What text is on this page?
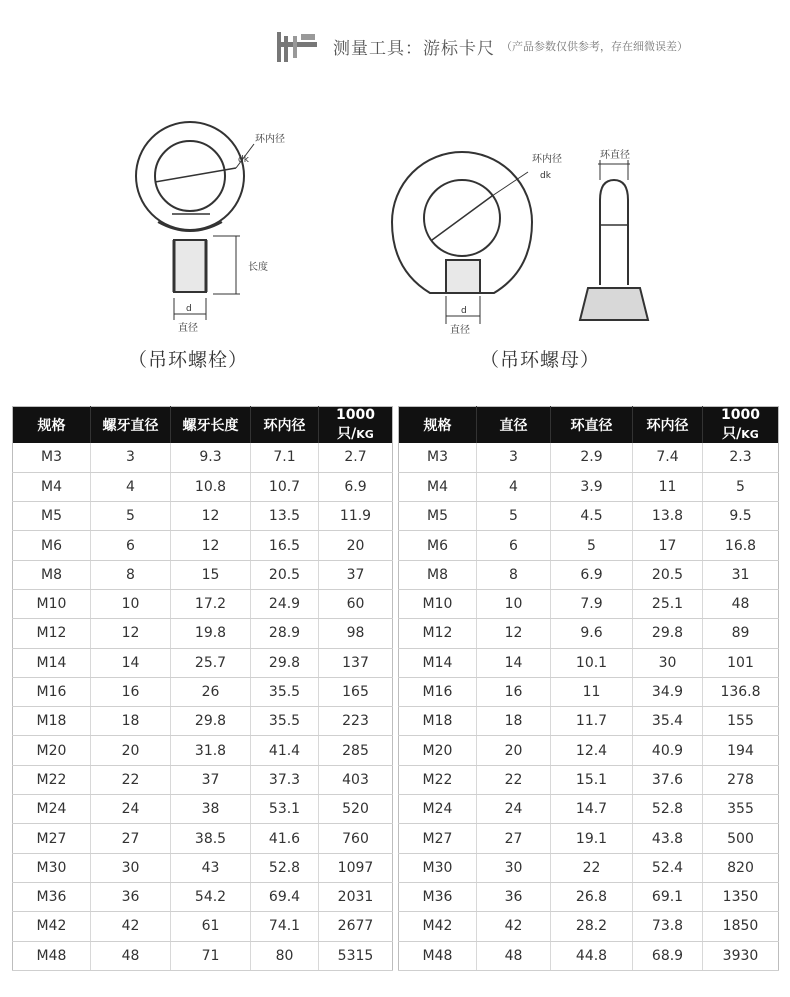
测量工具：游标卡尺 （产品参数仅供参考，存在细微误差）
环内径
dk
长度
d
直径
环内径
dk
环直径
d
直径
（吊环螺栓）	（吊环螺母）
规格	螺牙直径	螺牙长度	环内径	1000只/KG
M3	3	9.3	7.1	2.7
M4	4	10.8	10.7	6.9
M5	5	12	13.5	11.9
M6	6	12	16.5	20
M8	8	15	20.5	37
M10	10	17.2	24.9	60
M12	12	19.8	28.9	98
M14	14	25.7	29.8	137
M16	16	26	35.5	165
M18	18	29.8	35.5	223
M20	20	31.8	41.4	285
M22	22	37	37.3	403
M24	24	38	53.1	520
M27	27	38.5	41.6	760
M30	30	43	52.8	1097
M36	36	54.2	69.4	2031
M42	42	61	74.1	2677
M48	48	71	80	5315
规格	直径	环直径	环内径	1000只/KG
M3	3	2.9	7.4	2.3
M4	4	3.9	11	5
M5	5	4.5	13.8	9.5
M6	6	5	17	16.8
M8	8	6.9	20.5	31
M10	10	7.9	25.1	48
M12	12	9.6	29.8	89
M14	14	10.1	30	101
M16	16	11	34.9	136.8
M18	18	11.7	35.4	155
M20	20	12.4	40.9	194
M22	22	15.1	37.6	278
M24	24	14.7	52.8	355
M27	27	19.1	43.8	500
M30	30	22	52.4	820
M36	36	26.8	69.1	1350
M42	42	28.2	73.8	1850
M48	48	44.8	68.9	3930
